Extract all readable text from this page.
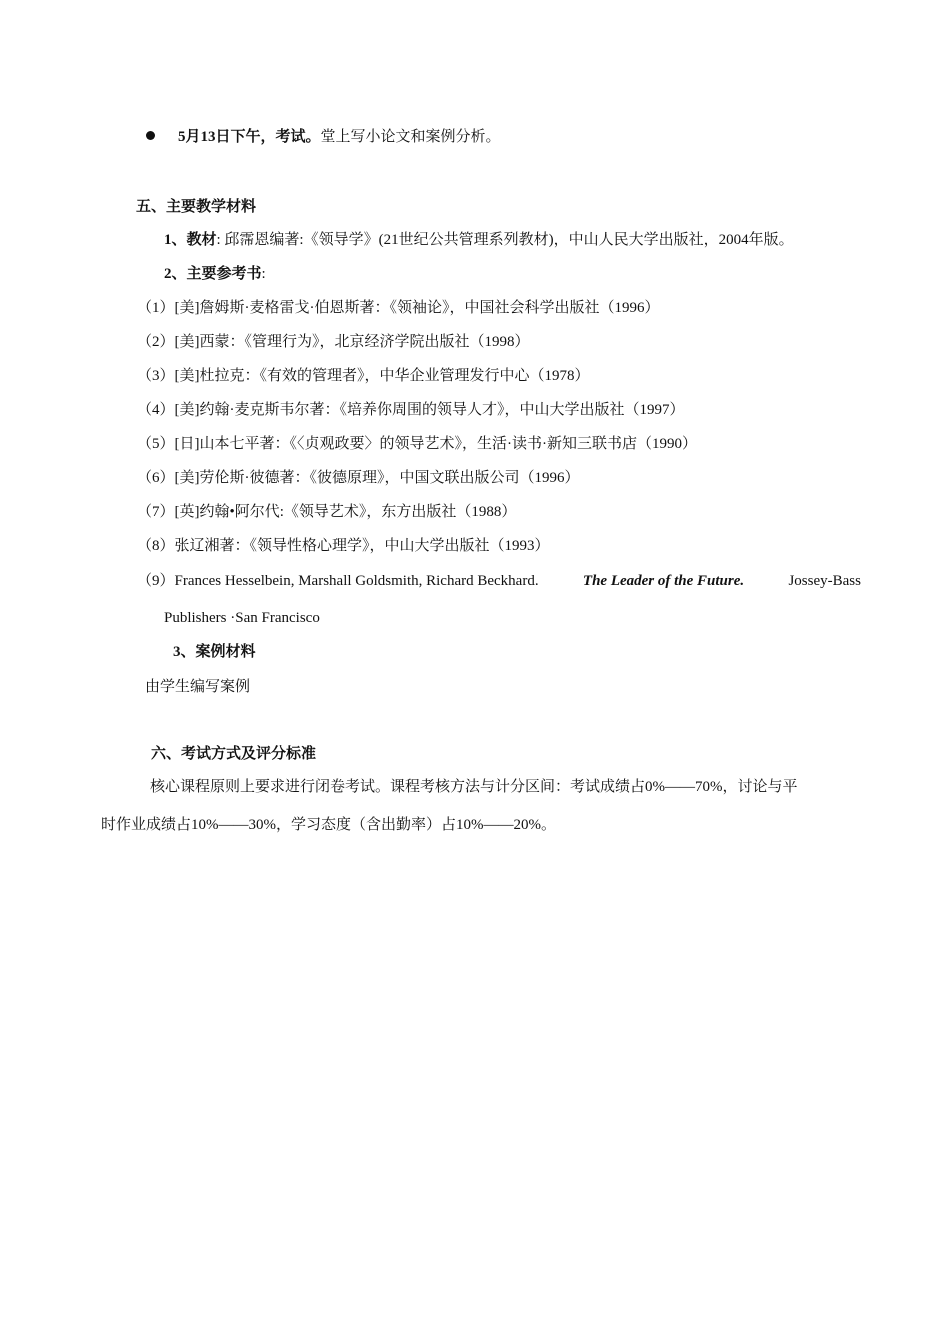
5月13日下午，考试。堂上写小论文和案例分析。
五、主要教学材料
1、教材: 邱霈恩编著:《领导学》(21世纪公共管理系列教材)，中山人民大学出版社，2004年版。
2、主要参考书:
（1）[美]詹姆斯·麦格雷戈·伯恩斯著：《领袖论》，中国社会科学出版社（1996）
（2）[美]西蒙：《管理行为》，北京经济学院出版社（1998）
（3）[美]杜拉克：《有效的管理者》，中华企业管理发行中心（1978）
（4）[美]约翰·麦克斯韦尔著：《培养你周围的领导人才》，中山大学出版社（1997）
（5）[日]山本七平著：《〈贞观政要〉的领导艺术》，生活·读书·新知三联书店（1990）
（6）[美]劳伦斯·彼德著：《彼德原理》，中国文联出版公司（1996）
（7）[英]约翰•阿尔代:《领导艺术》，东方出版社（1988）
（8）张辽湘著：《领导性格心理学》，中山大学出版社（1993）
（9）Frances Hesselbein, Marshall Goldsmith, Richard Beckhard.	The Leader of the Future.	Jossey-Bass
Publishers ·San Francisco
3、案例材料
由学生编写案例
六、考试方式及评分标准
核心课程原则上要求进行闭卷考试。课程考核方法与计分区间：考试成绩占0%——70%，讨论与平
时作业成绩占10%——30%，学习态度（含出勤率）占10%——20%。
